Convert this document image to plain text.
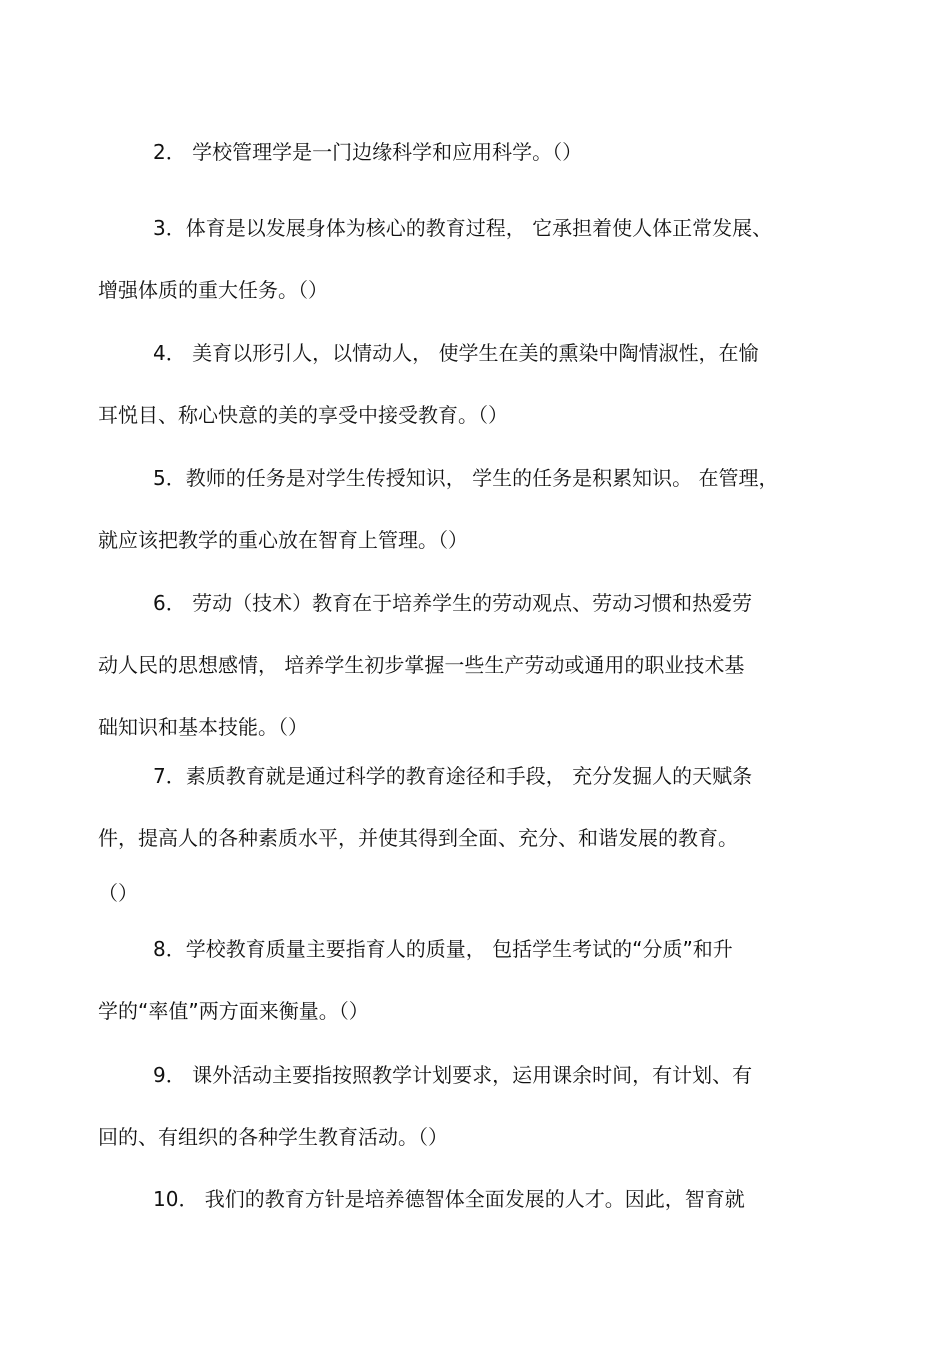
2． 学校管理学是一门边缘科学和应用科学。（）
3．体育是以发展身体为核心的教育过程， 它承担着使人体正常发展、
增强体质的重大任务。（）
4． 美育以形引人，以情动人， 使学生在美的熏染中陶情淑性，在愉
耳悦目、称心快意的美的享受中接受教育。（）
5．教师的任务是对学生传授知识， 学生的任务是积累知识。 在管理，
就应该把教学的重心放在智育上管理。（）
6． 劳动（技术）教育在于培养学生的劳动观点、劳动习惯和热爱劳
动人民的思想感情， 培养学生初步掌握一些生产劳动或通用的职业技术基
础知识和基本技能。（）
7．素质教育就是通过科学的教育途径和手段， 充分发掘人的天赋条
件，提高人的各种素质水平，并使其得到全面、充分、和谐发展的教育。
（）
8．学校教育质量主要指育人的质量， 包括学生考试的“分质”和升
学的“率值”两方面来衡量。（）
9． 课外活动主要指按照教学计划要求，运用课余时间，有计划、有
回的、有组织的各种学生教育活动。（）
10． 我们的教育方针是培养德智体全面发展的人才。因此，智育就
